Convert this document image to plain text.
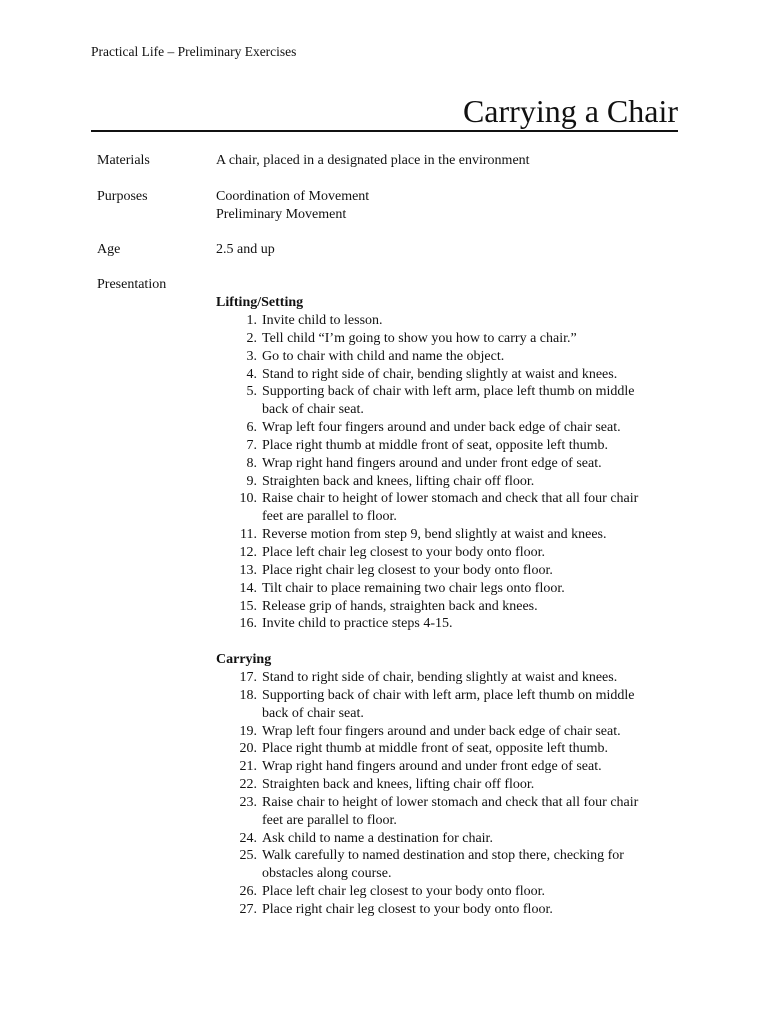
Practical Life – Preliminary Exercises
Carrying a Chair
Materials	A chair, placed in a designated place in the environment
Purposes	Coordination of Movement
Preliminary Movement
Age	2.5 and up
Presentation
Lifting/Setting
1. Invite child to lesson.
2. Tell child “I’m going to show you how to carry a chair.”
3. Go to chair with child and name the object.
4. Stand to right side of chair, bending slightly at waist and knees.
5. Supporting back of chair with left arm, place left thumb on middle back of chair seat.
6. Wrap left four fingers around and under back edge of chair seat.
7. Place right thumb at middle front of seat, opposite left thumb.
8. Wrap right hand fingers around and under front edge of seat.
9. Straighten back and knees, lifting chair off floor.
10. Raise chair to height of lower stomach and check that all four chair feet are parallel to floor.
11. Reverse motion from step 9, bend slightly at waist and knees.
12. Place left chair leg closest to your body onto floor.
13. Place right chair leg closest to your body onto floor.
14. Tilt chair to place remaining two chair legs onto floor.
15. Release grip of hands, straighten back and knees.
16. Invite child to practice steps 4-15.
Carrying
17. Stand to right side of chair, bending slightly at waist and knees.
18. Supporting back of chair with left arm, place left thumb on middle back of chair seat.
19. Wrap left four fingers around and under back edge of chair seat.
20. Place right thumb at middle front of seat, opposite left thumb.
21. Wrap right hand fingers around and under front edge of seat.
22. Straighten back and knees, lifting chair off floor.
23. Raise chair to height of lower stomach and check that all four chair feet are parallel to floor.
24. Ask child to name a destination for chair.
25. Walk carefully to named destination and stop there, checking for obstacles along course.
26. Place left chair leg closest to your body onto floor.
27. Place right chair leg closest to your body onto floor.
